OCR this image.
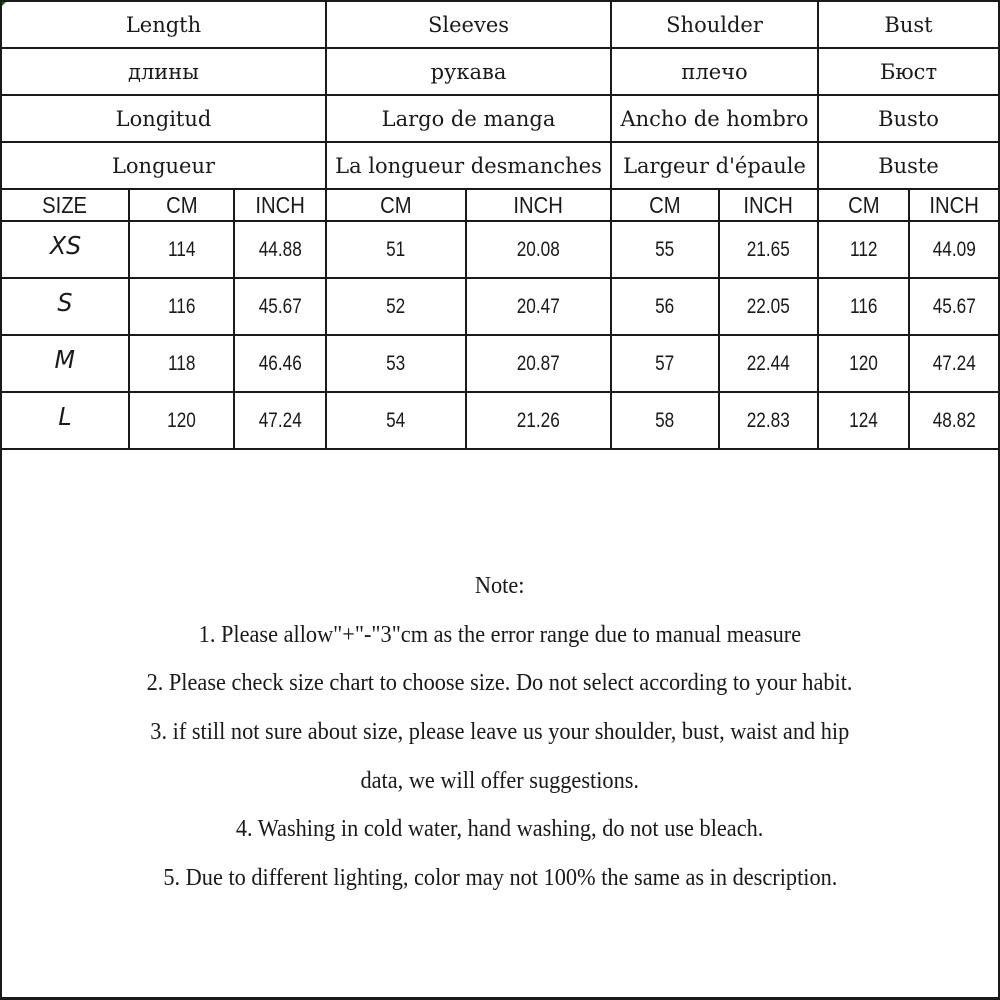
Length			Sleeves		Shoulder		Bust	
длины			рукава		плечо		Бюст	
Longitud			Largo de manga		Ancho de hombro		Busto	
Longueur			La longueur desmanches		Largeur d'épaule		Buste	
SIZE	CM	INCH	CM	INCH	CM	INCH	CM	INCH
XS	114	44.88	51	20.08	55	21.65	112	44.09
S	116	45.67	52	20.47	56	22.05	116	45.67
M	118	46.46	53	20.87	57	22.44	120	47.24
L	120	47.24	54	21.26	58	22.83	124	48.82
Note:
1. Please allow"+"-"3"cm as the error range due to manual measure
2. Please check size chart to choose size. Do not select according to your habit.
3. if still not sure about size, please leave us your shoulder, bust, waist and hip
data, we will offer suggestions.
4. Washing in cold water, hand washing, do not use bleach.
5. Due to different lighting, color may not 100% the same as in description.
